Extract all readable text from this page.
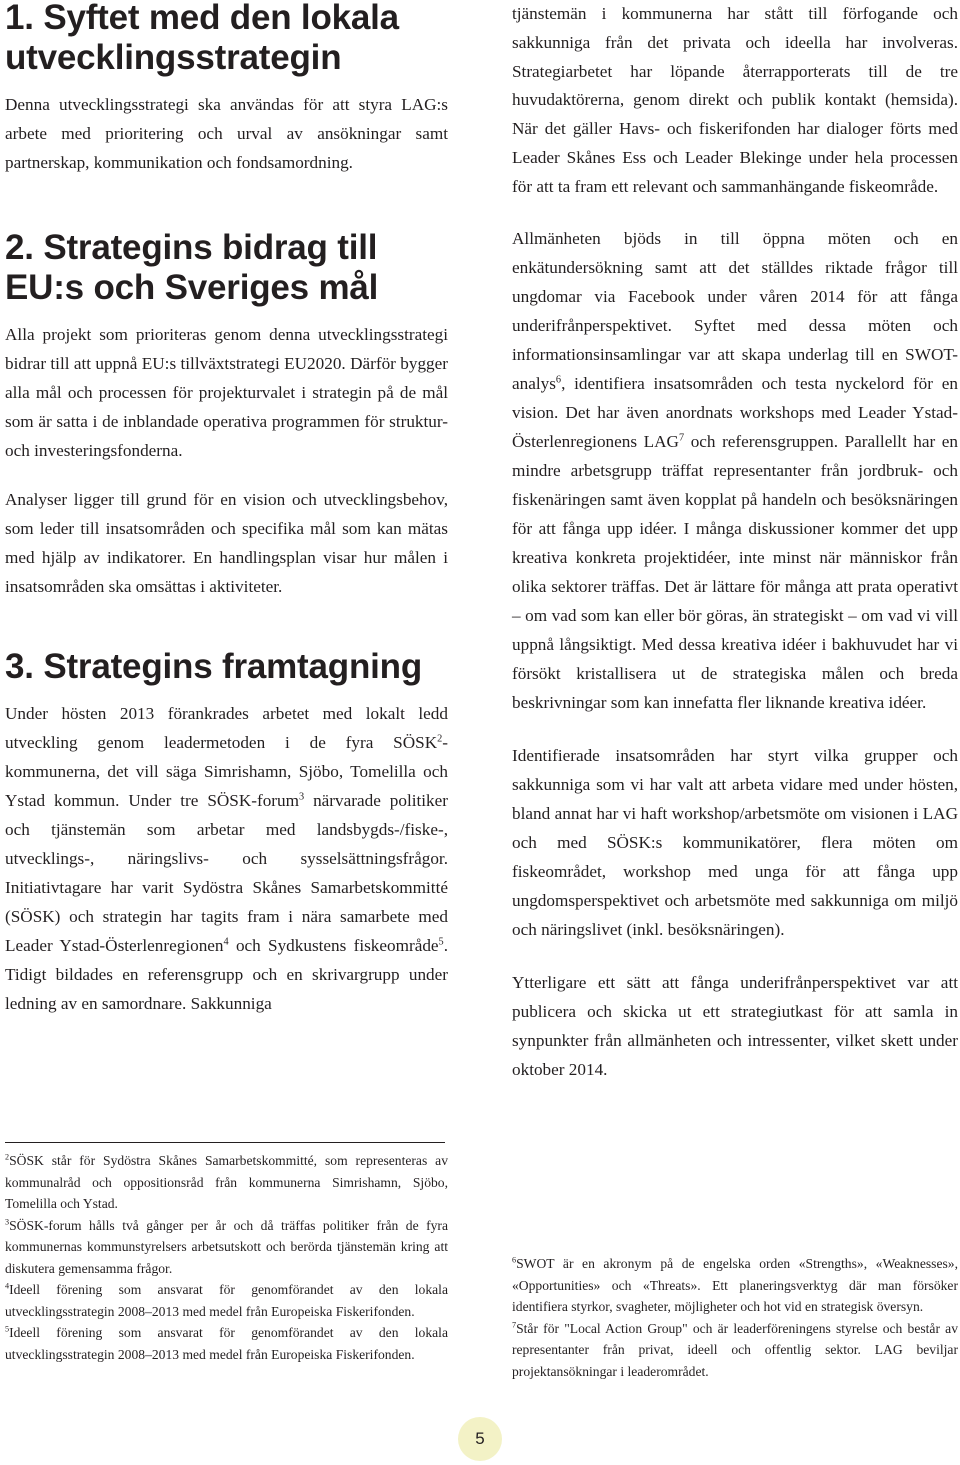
1. Syftet med den lokala utvecklingsstrategin

Denna utvecklingsstrategi ska användas för att styra LAG:s arbete med prioritering och urval av ansökningar samt partnerskap, kommunikation och fondsamordning.

2. Strategins bidrag till EU:s och Sveriges mål

Alla projekt som prioriteras genom denna utvecklingsstrategi bidrar till att uppnå EU:s tillväxtstrategi EU2020. Därför bygger alla mål och processen för projekturvalet i strategin på de mål som är satta i de inblandade operativa programmen för struktur- och investeringsfonderna.

Analyser ligger till grund för en vision och utvecklingsbehov, som leder till insatsområden och specifika mål som kan mätas med hjälp av indikatorer. En handlingsplan visar hur målen i insatsområden ska omsättas i aktiviteter.

3. Strategins framtagning

Under hösten 2013 förankrades arbetet med lokalt ledd utveckling genom leadermetoden i de fyra SÖSK$^2$-kommunerna, det vill säga Simrishamn, Sjöbo, Tomelilla och Ystad kommun. Under tre SÖSK-forum$^3$ närvarade politiker och tjänstemän som arbetar med landsbygds-/fiske-, utvecklings-, näringslivs- och sysselsättningsfrågor. Initiativtagare har varit Sydöstra Skånes Samarbetskommitté (SÖSK) och strategin har tagits fram i nära samarbete med Leader Ystad-Österlenregionen$^4$ och Sydkustens fiskeområde$^5$. Tidigt bildades en referensgrupp och en skrivargrupp under ledning av en samordnare. Sakkunniga

$^2$SÖSK står för Sydöstra Skånes Samarbetskommitté, som representeras av kommunalråd och oppositionsråd från kommunerna Simrishamn, Sjöbo, Tomelilla och Ystad.

$^3$SÖSK-forum hålls två gånger per år och då träffas politiker från de fyra kommunernas kommunstyrelsers arbetsutskott och berörda tjänstemän kring att diskutera gemensamma frågor.

$^4$Ideell förening som ansvarat för genomförandet av den lokala utvecklingsstrategin 2008–2013 med medel från Europeiska Fiskerifonden.

$^5$Ideell förening som ansvarat för genomförandet av den lokala utvecklingsstrategin 2008–2013 med medel från Europeiska Fiskerifonden.

tjänstemän i kommunerna har stått till förfogande och sakkunniga från det privata och ideella har involveras. Strategiarbetet har löpande återrapporterats till de tre huvudaktörerna, genom direkt och publik kontakt (hemsida). När det gäller Havs- och fiskerifonden har dialoger förts med Leader Skånes Ess och Leader Blekinge under hela processen för att ta fram ett relevant och sammanhängande fiskeområde.

Allmänheten bjöds in till öppna möten och en enkätundersökning samt att det ställdes riktade frågor till ungdomar via Facebook under våren 2014 för att fånga underifrånperspektivet. Syftet med dessa möten och informationsinsamlingar var att skapa underlag till en SWOT-analys$^6$, identifiera insatsområden och testa nyckelord för en vision. Det har även anordnats workshops med Leader Ystad-Österlenregionens LAG$^7$ och referensgruppen. Parallellt har en mindre arbetsgrupp träffat representanter från jordbruk- och fiskenäringen samt även kopplat på handeln och besöksnäringen för att fånga upp idéer. I många diskussioner kommer det upp kreativa konkreta projektidéer, inte minst när människor från olika sektorer träffas. Det är lättare för många att prata operativt – om vad som kan eller bör göras, än strategiskt – om vad vi vill uppnå långsiktigt. Med dessa kreativa idéer i bakhuvudet har vi försökt kristallisera ut de strategiska målen och breda beskrivningar som kan innefatta fler liknande kreativa idéer.

Identifierade insatsområden har styrt vilka grupper och sakkunniga som vi har valt att arbeta vidare med under hösten, bland annat har vi haft workshop/arbetsmöte om visionen i LAG och med SÖSK:s kommunikatörer, flera möten om fiskeområdet, workshop med unga för att fånga upp ungdomsperspektivet och arbetsmöte med sakkunniga om miljö och näringslivet (inkl. besöksnäringen).

Ytterligare ett sätt att fånga underifrånperspektivet var att publicera och skicka ut ett strategiutkast för att samla in synpunkter från allmänheten och intressenter, vilket skett under oktober 2014.

$^6$SWOT är en akronym på de engelska orden «Strengths», «Weaknesses», «Opportunities» och «Threats». Ett planeringsverktyg där man försöker identifiera styrkor, svagheter, möjligheter och hot vid en strategisk översyn.

$^7$Står för "Local Action Group" och är leaderföreningens styrelse och består av representanter från privat, ideell och offentlig sektor. LAG beviljar projektansökningar i leaderområdet.

5
